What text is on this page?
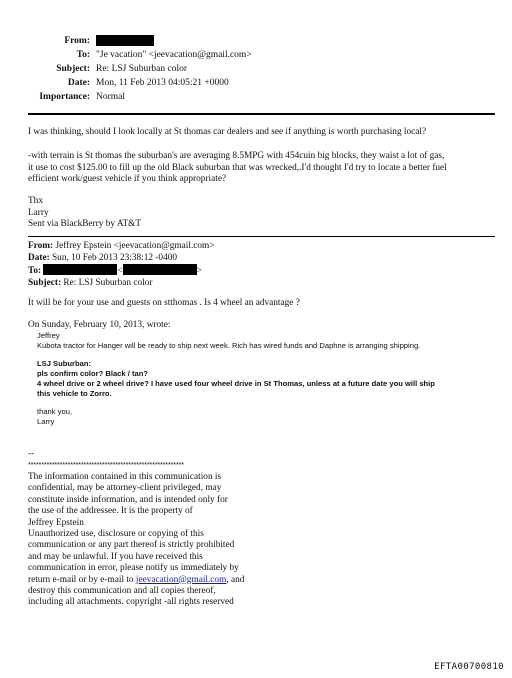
From:
To: "Je vacation" <jeevacation@gmail.com>
Subject: Re: LSJ Suburban color
Date: Mon, 11 Feb 2013 04:05:21 +0000
Importance: Normal
I was thinking, should I look locally at St thomas car dealers and see if anything is worth purchasing local?
-with terrain is St thomas the suburban's are averaging 8.5MPG with 454cuin big blocks, they waist a lot of gas,
it use to cost $125.00 to fill up the old Black suburban that was wrecked,.I'd thought I'd try to locate a better fuel
efficient work/guest vehicle if you think appropriate?
Thx
Larry
Sent via BlackBerry by AT&T
From: Jeffrey Epstein <jeevacation@gmail.com>
Date: Sun, 10 Feb 2013 23:38:12 -0400
To:	<	>
Subject: Re: LSJ Suburban color
It will be for your use and guests on stthomas . Is 4 wheel an advantage ?
On Sunday, February 10, 2013, wrote:
Jeffrey
Kubota tractor for Hanger will be ready to ship next week. Rich has wired funds and Daphne is arranging shipping.
LSJ Suburban:
pls confirm color? Black / tan?
4 wheel drive or 2 wheel drive? I have used four wheel drive in St Thomas, unless at a future date you will ship
this vehicle to Zorro.
thank you,
Larry
--
***********************************************************
The information contained in this communication is
confidential, may be attorney-client privileged, may
constitute inside information, and is intended only for
the use of the addressee. It is the property of
Jeffrey Epstein
Unauthorized use, disclosure or copying of this
communication or any part thereof is strictly prohibited
and may be unlawful. If you have received this
communication in error, please notify us immediately by
return e-mail or by e-mail to jeevacation@gmail.com, and
destroy this communication and all copies thereof,
including all attachments. copyright -all rights reserved
EFTA00700810
